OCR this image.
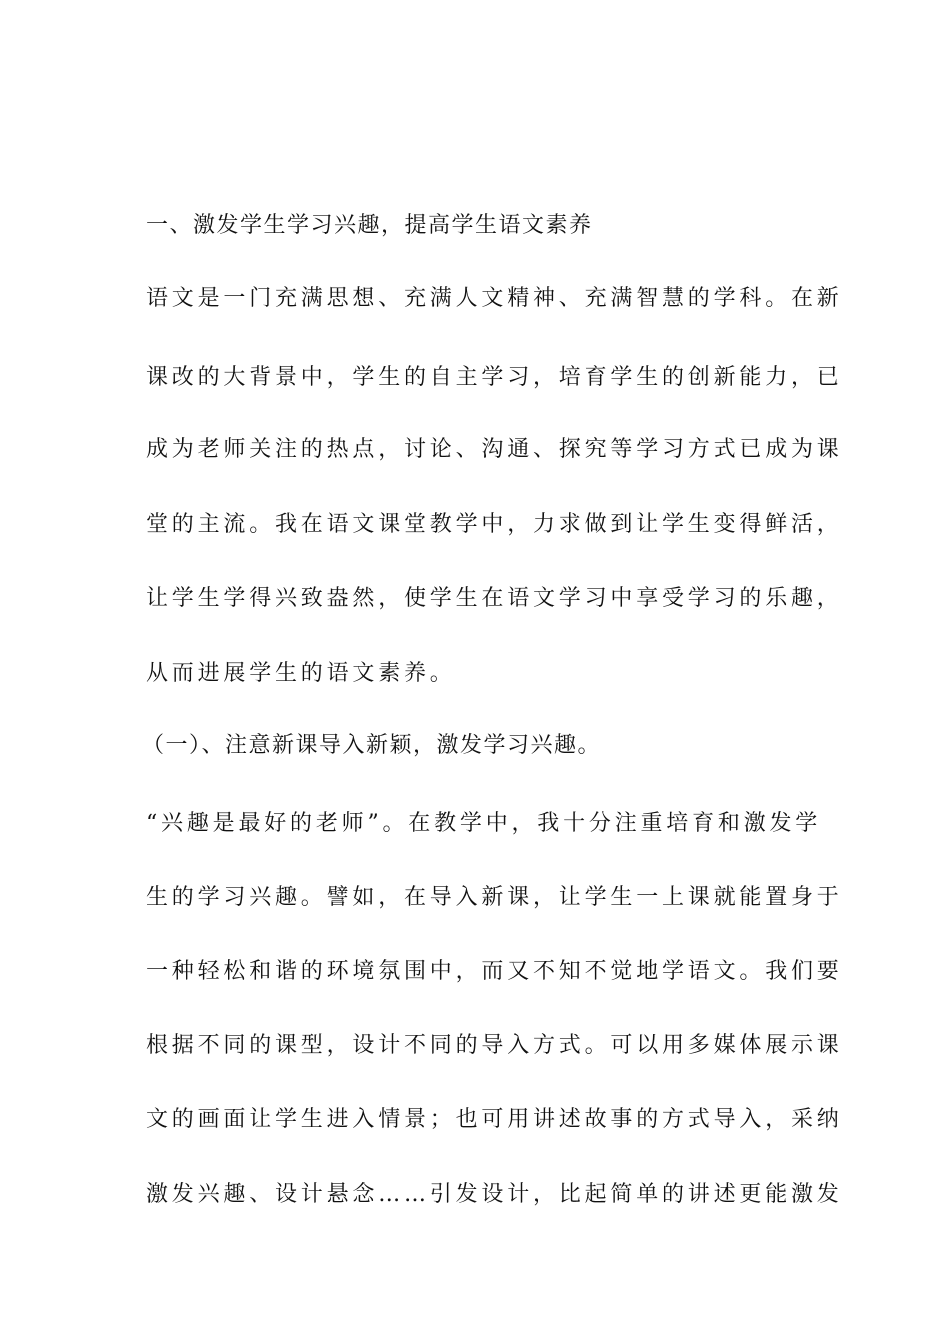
一、激发学生学习兴趣，提高学生语文素养
语文是一门充满思想、充满人文精神、充满智慧的学科。在新
课改的大背景中，学生的自主学习，培育学生的创新能力，已
成为老师关注的热点，讨论、沟通、探究等学习方式已成为课
堂的主流。我在语文课堂教学中，力求做到让学生变得鲜活，
让学生学得兴致盎然，使学生在语文学习中享受学习的乐趣，
从而进展学生的语文素养。
（一）、注意新课导入新颖，激发学习兴趣。
“兴趣是最好的老师”。在教学中，我十分注重培育和激发学
生的学习兴趣。譬如，在导入新课，让学生一上课就能置身于
一种轻松和谐的环境氛围中，而又不知不觉地学语文。我们要
根据不同的课型，设计不同的导入方式。可以用多媒体展示课
文的画面让学生进入情景；也可用讲述故事的方式导入，采纳
激发兴趣、设计悬念……引发设计，比起简单的讲述更能激发
